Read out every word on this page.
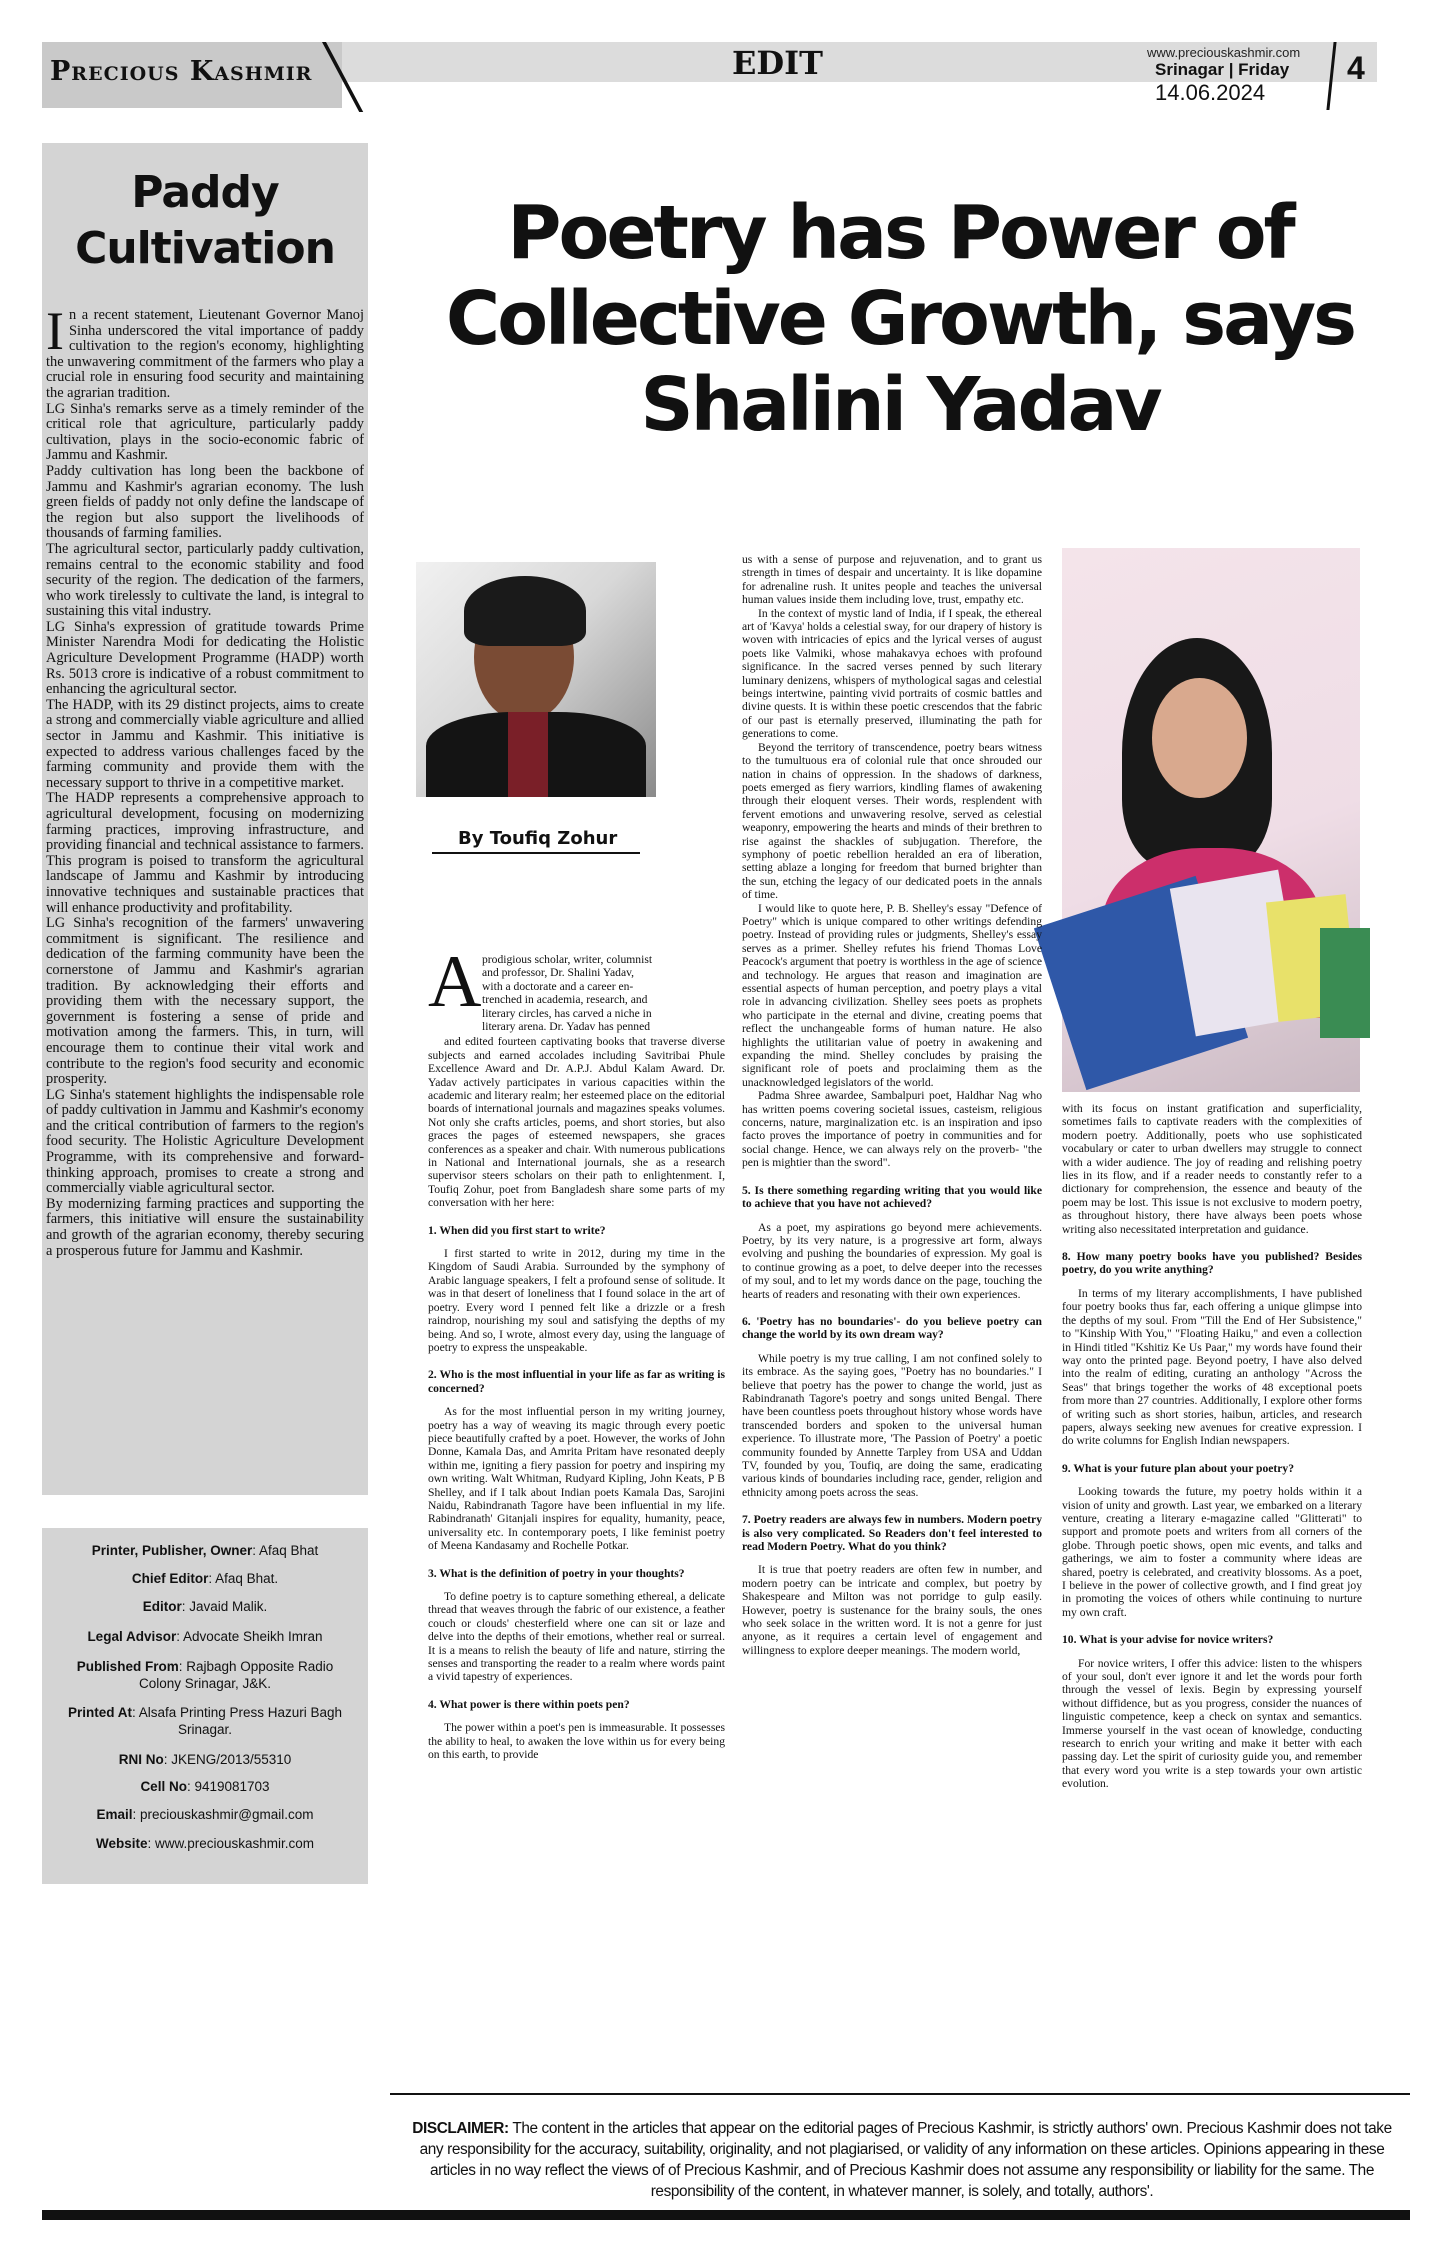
Precious Kashmir	EDIT	www.preciouskashmir.com
Srinagar | Friday
14.06.2024
4
Paddy
Cultivation

In a recent statement, Lieutenant Governor Manoj Sinha underscored the vital importance of paddy cultivation to the region's economy, highlighting the unwavering commitment of the farmers who play a crucial role in ensuring food security and maintaining the agrarian tradition.

LG Sinha's remarks serve as a timely reminder of the critical role that agriculture, particularly paddy cultivation, plays in the socio-economic fabric of Jammu and Kashmir.

Paddy cultivation has long been the backbone of Jammu and Kashmir's agrarian economy. The lush green fields of paddy not only define the landscape of the region but also support the livelihoods of thousands of farming families.

The agricultural sector, particularly paddy cultivation, remains central to the economic stability and food security of the region. The dedication of the farmers, who work tirelessly to cultivate the land, is integral to sustaining this vital industry.

LG Sinha's expression of gratitude towards Prime Minister Narendra Modi for dedicating the Holistic Agriculture Development Programme (HADP) worth Rs. 5013 crore is indicative of a robust commitment to enhancing the agricultural sector.

The HADP, with its 29 distinct projects, aims to create a strong and commercially viable agriculture and allied sector in Jammu and Kashmir. This initiative is expected to address various challenges faced by the farming community and provide them with the necessary support to thrive in a competitive market.

The HADP represents a comprehensive approach to agricultural development, focusing on modernizing farming practices, improving infrastructure, and providing financial and technical assistance to farmers. This program is poised to transform the agricultural landscape of Jammu and Kashmir by introducing innovative techniques and sustainable practices that will enhance productivity and profitability.

LG Sinha's recognition of the farmers' unwavering commitment is significant. The resilience and dedication of the farming community have been the cornerstone of Jammu and Kashmir's agrarian tradition. By acknowledging their efforts and providing them with the necessary support, the government is fostering a sense of pride and motivation among the farmers. This, in turn, will encourage them to continue their vital work and contribute to the region's food security and economic prosperity.

LG Sinha's statement highlights the indispensable role of paddy cultivation in Jammu and Kashmir's economy and the critical contribution of farmers to the region's food security. The Holistic Agriculture Development Programme, with its comprehensive and forward-thinking approach, promises to create a strong and commercially viable agricultural sector.

By modernizing farming practices and supporting the farmers, this initiative will ensure the sustainability and growth of the agrarian economy, thereby securing a prosperous future for Jammu and Kashmir.

Printer, Publisher, Owner: Afaq Bhat
Chief Editor: Afaq Bhat.
Editor: Javaid Malik.
Legal Advisor: Advocate Sheikh Imran
Published From: Rajbagh Opposite Radio
Colony Srinagar, J&K.
Printed At: Alsafa Printing Press Hazuri Bagh
Srinagar.
RNI No: JKENG/2013/55310
Cell No: 9419081703
Email: preciouskashmir@gmail.com
Website: www.preciouskashmir.com
Poetry has Power of
Collective Growth, says
Shalini Yadav
By Toufiq Zohur
A prodigious scholar, writer, columnist
and professor, Dr. Shalini Yadav,
with a doctorate and a career en-
trenched in academia, research, and
literary circles, has carved a niche in
literary arena. Dr. Yadav has penned

and edited fourteen captivating books that traverse diverse subjects and earned accolades including Savitribai Phule Excellence Award and Dr. A.P.J. Abdul Kalam Award. Dr. Yadav actively participates in various capacities within the academic and literary realm; her esteemed place on the editorial boards of international journals and magazines speaks volumes. Not only she crafts articles, poems, and short stories, but also graces the pages of esteemed newspapers, she graces conferences as a speaker and chair. With numerous publications in National and International journals, she as a research supervisor steers scholars on their path to enlightenment. I, Toufiq Zohur, poet from Bangladesh share some parts of my conversation with her here:

1. When did you first start to write?

I first started to write in 2012, during my time in the Kingdom of Saudi Arabia. Surrounded by the symphony of Arabic language speakers, I felt a profound sense of solitude. It was in that desert of loneliness that I found solace in the art of poetry. Every word I penned felt like a drizzle or a fresh raindrop, nourishing my soul and satisfying the depths of my being. And so, I wrote, almost every day, using the language of poetry to express the unspeakable.

2. Who is the most influential in your life as far as writing is concerned?

As for the most influential person in my writing journey, poetry has a way of weaving its magic through every poetic piece beautifully crafted by a poet. However, the works of John Donne, Kamala Das, and Amrita Pritam have resonated deeply within me, igniting a fiery passion for poetry and inspiring my own writing. Walt Whitman, Rudyard Kipling, John Keats, P B Shelley, and if I talk about Indian poets Kamala Das, Sarojini Naidu, Rabindranath Tagore have been influential in my life. Rabindranath' Gitanjali inspires for equality, humanity, peace, universality etc. In contemporary poets, I like feminist poetry of Meena Kandasamy and Rochelle Potkar.

3. What is the definition of poetry in your thoughts?

To define poetry is to capture something ethereal, a delicate thread that weaves through the fabric of our existence, a feather couch or clouds' chesterfield where one can sit or laze and delve into the depths of their emotions, whether real or surreal. It is a means to relish the beauty of life and nature, stirring the senses and transporting the reader to a realm where words paint a vivid tapestry of experiences.

4. What power is there within poets pen?

The power within a poet's pen is immeasurable. It possesses the ability to heal, to awaken the love within us for every being on this earth, to provide

us with a sense of purpose and rejuvenation, and to grant us strength in times of despair and uncertainty. It is like dopamine for adrenaline rush. It unites people and teaches the universal human values inside them including love, trust, empathy etc.

In the context of mystic land of India, if I speak, the ethereal art of 'Kavya' holds a celestial sway, for our drapery of history is woven with intricacies of epics and the lyrical verses of august poets like Valmiki, whose mahakavya echoes with profound significance. In the sacred verses penned by such literary luminary denizens, whispers of mythological sagas and celestial beings intertwine, painting vivid portraits of cosmic battles and divine quests. It is within these poetic crescendos that the fabric of our past is eternally preserved, illuminating the path for generations to come.

Beyond the territory of transcendence, poetry bears witness to the tumultuous era of colonial rule that once shrouded our nation in chains of oppression. In the shadows of darkness, poets emerged as fiery warriors, kindling flames of awakening through their eloquent verses. Their words, resplendent with fervent emotions and unwavering resolve, served as celestial weaponry, empowering the hearts and minds of their brethren to rise against the shackles of subjugation. Therefore, the symphony of poetic rebellion heralded an era of liberation, setting ablaze a longing for freedom that burned brighter than the sun, etching the legacy of our dedicated poets in the annals of time.

I would like to quote here, P. B. Shelley's essay "Defence of Poetry" which is unique compared to other writings defending poetry. Instead of providing rules or judgments, Shelley's essay serves as a primer. Shelley refutes his friend Thomas Love Peacock's argument that poetry is worthless in the age of science and technology. He argues that reason and imagination are essential aspects of human perception, and poetry plays a vital role in advancing civilization. Shelley sees poets as prophets who participate in the eternal and divine, creating poems that reflect the unchangeable forms of human nature. He also highlights the utilitarian value of poetry in awakening and expanding the mind. Shelley concludes by praising the significant role of poets and proclaiming them as the unacknowledged legislators of the world.

Padma Shree awardee, Sambalpuri poet, Haldhar Nag who has written poems covering societal issues, casteism, religious concerns, nature, marginalization etc. is an inspiration and ipso facto proves the importance of poetry in communities and for social change. Hence, we can always rely on the proverb- "the pen is mightier than the sword".

5. Is there something regarding writing that you would like to achieve that you have not achieved?

As a poet, my aspirations go beyond mere achievements. Poetry, by its very nature, is a progressive art form, always evolving and pushing the boundaries of expression. My goal is to continue growing as a poet, to delve deeper into the recesses of my soul, and to let my words dance on the page, touching the hearts of readers and resonating with their own experiences.

6. 'Poetry has no boundaries'- do you believe poetry can change the world by its own dream way?

While poetry is my true calling, I am not confined solely to its embrace. As the saying goes, "Poetry has no boundaries." I believe that poetry has the power to change the world, just as Rabindranath Tagore's poetry and songs united Bengal. There have been countless poets throughout history whose words have transcended borders and spoken to the universal human experience. To illustrate more, 'The Passion of Poetry' a poetic community founded by Annette Tarpley from USA and Uddan TV, founded by you, Toufiq, are doing the same, eradicating various kinds of boundaries including race, gender, religion and ethnicity among poets across the seas.

7. Poetry readers are always few in numbers. Modern poetry is also very complicated. So Readers don't feel interested to read Modern Poetry. What do you think?

It is true that poetry readers are often few in number, and modern poetry can be intricate and complex, but poetry by Shakespeare and Milton was not porridge to gulp easily. However, poetry is sustenance for the brainy souls, the ones who seek solace in the written word. It is not a genre for just anyone, as it requires a certain level of engagement and willingness to explore deeper meanings. The modern world,

with its focus on instant gratification and superficiality, sometimes fails to captivate readers with the complexities of modern poetry. Additionally, poets who use sophisticated vocabulary or cater to urban dwellers may struggle to connect with a wider audience. The joy of reading and relishing poetry lies in its flow, and if a reader needs to constantly refer to a dictionary for comprehension, the essence and beauty of the poem may be lost. This issue is not exclusive to modern poetry, as throughout history, there have always been poets whose writing also necessitated interpretation and guidance.

8. How many poetry books have you published? Besides poetry, do you write anything?

In terms of my literary accomplishments, I have published four poetry books thus far, each offering a unique glimpse into the depths of my soul. From "Till the End of Her Subsistence," to "Kinship With You," "Floating Haiku," and even a collection in Hindi titled "Kshitiz Ke Us Paar," my words have found their way onto the printed page. Beyond poetry, I have also delved into the realm of editing, curating an anthology "Across the Seas" that brings together the works of 48 exceptional poets from more than 27 countries. Additionally, I explore other forms of writing such as short stories, haibun, articles, and research papers, always seeking new avenues for creative expression. I do write columns for English Indian newspapers.

9. What is your future plan about your poetry?

Looking towards the future, my poetry holds within it a vision of unity and growth. Last year, we embarked on a literary venture, creating a literary e-magazine called "Glitterati" to support and promote poets and writers from all corners of the globe. Through poetic shows, open mic events, and talks and gatherings, we aim to foster a community where ideas are shared, poetry is celebrated, and creativity blossoms. As a poet, I believe in the power of collective growth, and I find great joy in promoting the voices of others while continuing to nurture my own craft.

10. What is your advise for novice writers?

For novice writers, I offer this advice: listen to the whispers of your soul, don't ever ignore it and let the words pour forth through the vessel of lexis. Begin by expressing yourself without diffidence, but as you progress, consider the nuances of linguistic competence, keep a check on syntax and semantics. Immerse yourself in the vast ocean of knowledge, conducting research to enrich your writing and make it better with each passing day. Let the spirit of curiosity guide you, and remember that every word you write is a step towards your own artistic evolution.

DISCLAIMER: The content in the articles that appear on the editorial pages of Precious Kashmir, is strictly authors' own. Precious Kashmir does not take any responsibility for the accuracy, suitability, originality, and not plagiarised, or validity of any information on these articles. Opinions appearing in these articles in no way reflect the views of of Precious Kashmir, and of Precious Kashmir does not assume any responsibility or liability for the same. The responsibility of the content, in whatever manner, is solely, and totally, authors'.
